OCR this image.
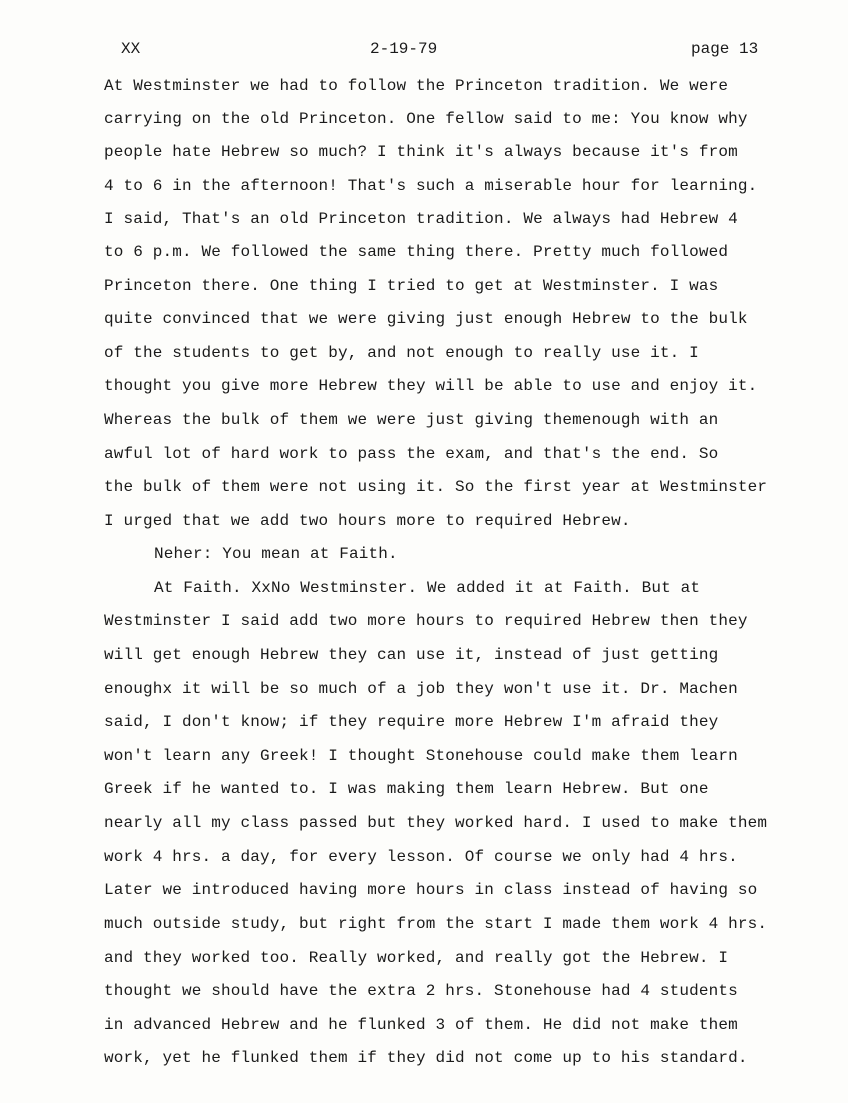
XX	2-19-79	page 13
At Westminster we had to follow the Princeton tradition. We were
carrying on the old Princeton. One fellow said to me: You know why
people hate Hebrew so much? I think it's always because it's from
4 to 6 in the afternoon! That's such a miserable hour for learning.
I said, That's an old Princeton tradition. We always had Hebrew 4
to 6 p.m. We followed the same thing there. Pretty much followed
Princeton there. One thing I tried to get at Westminster. I was
quite convinced that we were giving just enough Hebrew to the bulk
of the students to get by, and not enough to really use it. I
thought you give more Hebrew they will be able to use and enjoy it.
Whereas the bulk of them we were just giving themenough with an
awful lot of hard work to pass the exam, and that's the end. So
the bulk of them were not using it. So the first year at Westminster
I urged that we add two hours more to required Hebrew.
Neher: You mean at Faith.
At Faith. XxNo Westminster. We added it at Faith. But at
Westminster I said add two more hours to required Hebrew then they
will get enough Hebrew they can use it, instead of just getting
enoughx it will be so much of a job they won't use it. Dr. Machen
said, I don't know; if they require more Hebrew I'm afraid they
won't learn any Greek! I thought Stonehouse could make them learn
Greek if he wanted to. I was making them learn Hebrew. But one
nearly all my class passed but they worked hard. I used to make them
work 4 hrs. a day, for every lesson. Of course we only had 4 hrs.
Later we introduced having more hours in class instead of having so
much outside study, but right from the start I made them work 4 hrs.
and they worked too. Really worked, and really got the Hebrew. I
thought we should have the extra 2 hrs. Stonehouse had 4 students
in advanced Hebrew and he flunked 3 of them. He did not make them
work, yet he flunked them if they did not come up to his standard.
